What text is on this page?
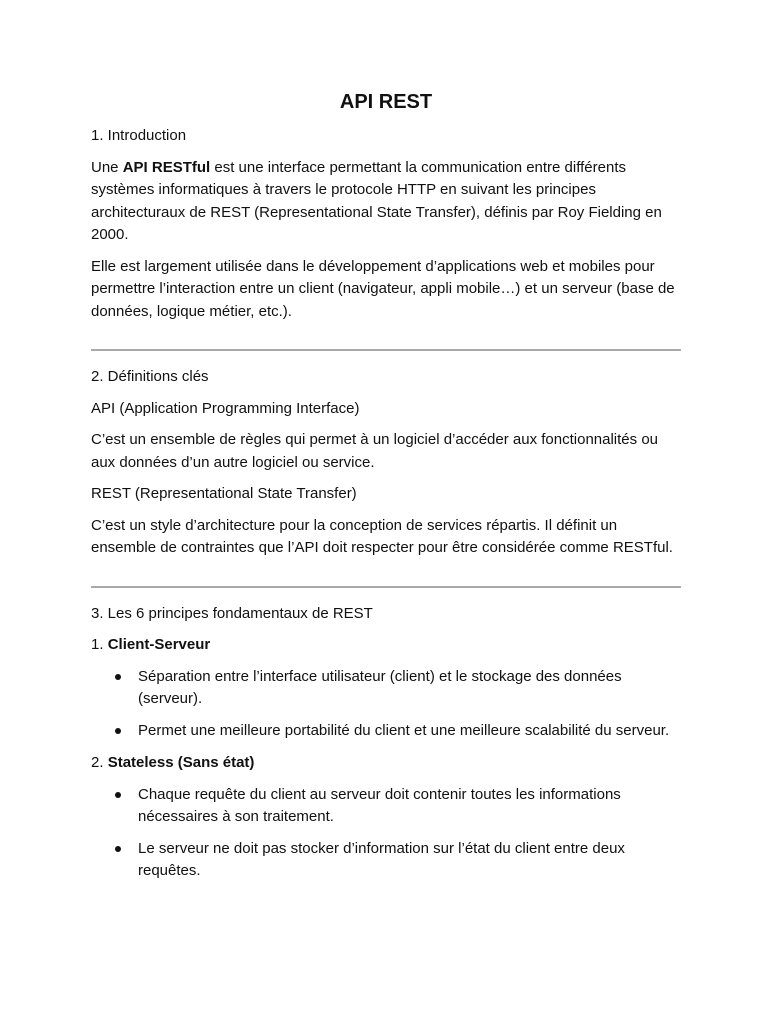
API REST
1. Introduction

Une API RESTful est une interface permettant la communication entre différents systèmes informatiques à travers le protocole HTTP en suivant les principes architecturaux de REST (Representational State Transfer), définis par Roy Fielding en 2000.

Elle est largement utilisée dans le développement d’applications web et mobiles pour permettre l’interaction entre un client (navigateur, appli mobile…) et un serveur (base de données, logique métier, etc.).

2. Définitions clés

API (Application Programming Interface)

C’est un ensemble de règles qui permet à un logiciel d’accéder aux fonctionnalités ou aux données d’un autre logiciel ou service.

REST (Representational State Transfer)

C’est un style d’architecture pour la conception de services répartis. Il définit un ensemble de contraintes que l’API doit respecter pour être considérée comme RESTful.

3. Les 6 principes fondamentaux de REST
1. Client-Serveur
Séparation entre l’interface utilisateur (client) et le stockage des données (serveur).
Permet une meilleure portabilité du client et une meilleure scalabilité du serveur.
2. Stateless (Sans état)
Chaque requête du client au serveur doit contenir toutes les informations nécessaires à son traitement.
Le serveur ne doit pas stocker d’information sur l’état du client entre deux requêtes.
